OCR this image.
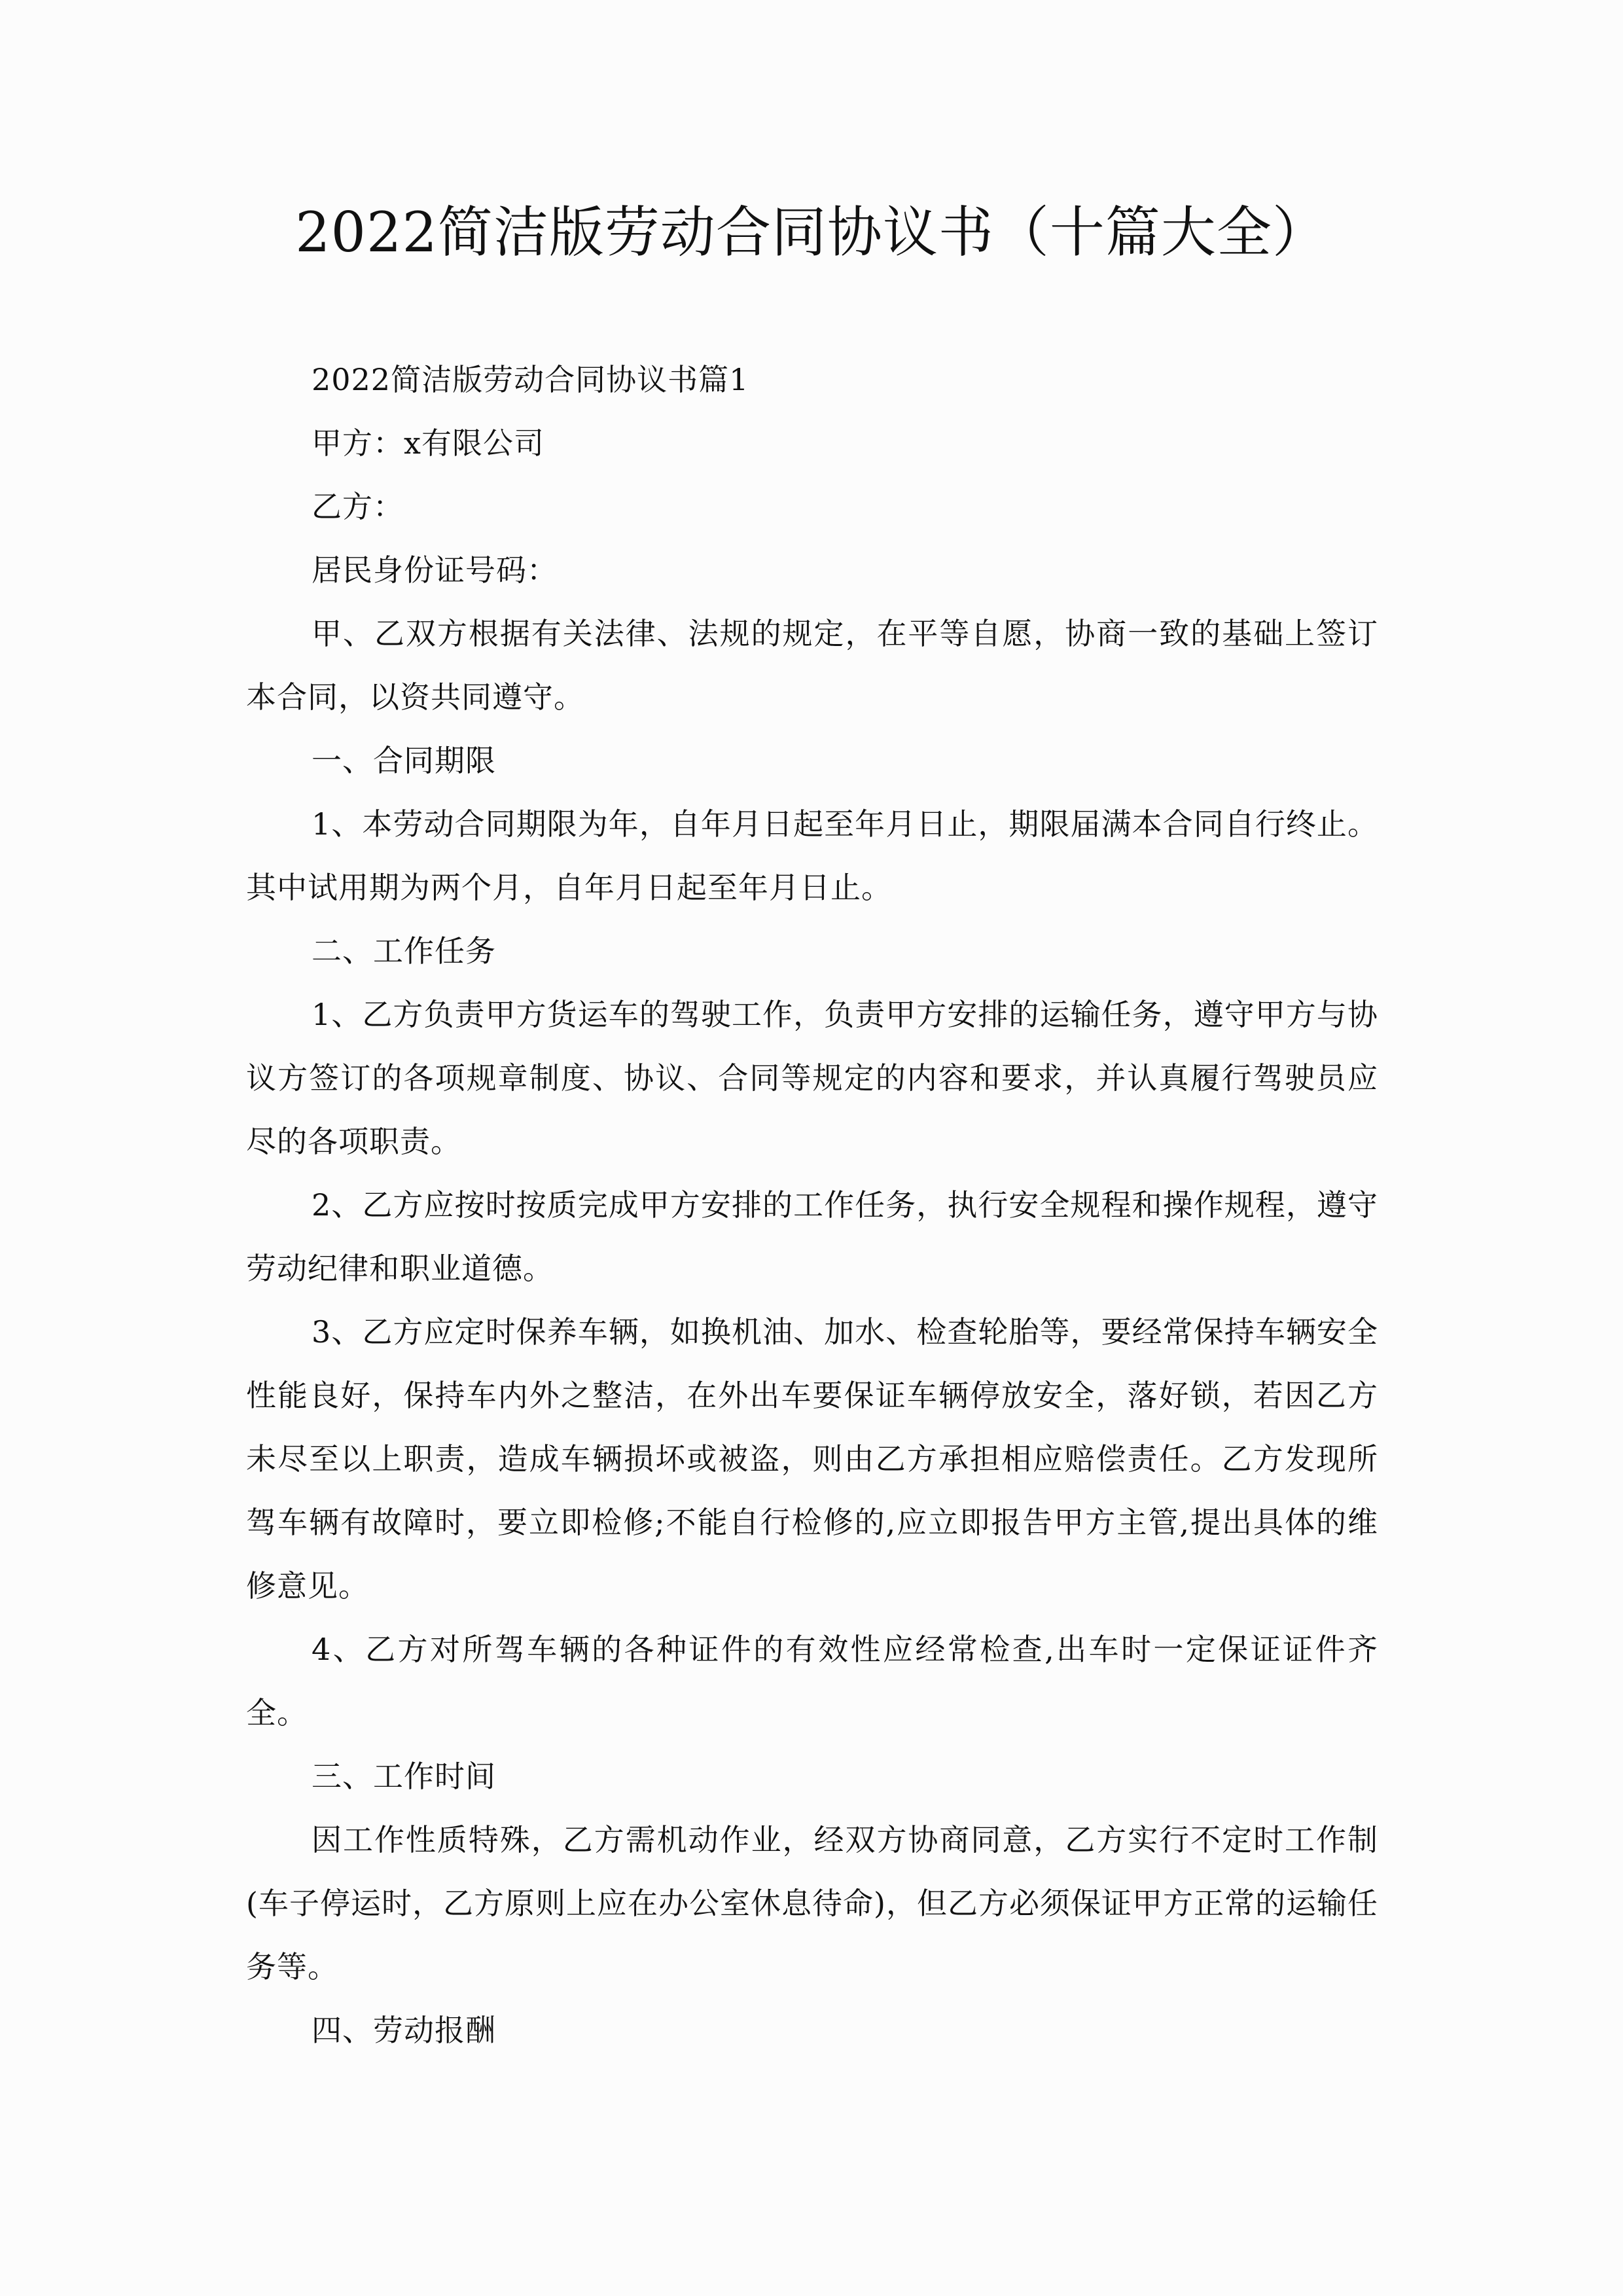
2022简洁版劳动合同协议书（十篇大全）

2022简洁版劳动合同协议书篇1

甲方：x有限公司

乙方：

居民身份证号码：

甲、乙双方根据有关法律、法规的规定，在平等自愿，协商一致的基础上签订本合同，以资共同遵守。

一、合同期限

1、本劳动合同期限为年，自年月日起至年月日止，期限届满本合同自行终止。其中试用期为两个月，自年月日起至年月日止。

二、工作任务

1、乙方负责甲方货运车的驾驶工作，负责甲方安排的运输任务，遵守甲方与协议方签订的各项规章制度、协议、合同等规定的内容和要求，并认真履行驾驶员应尽的各项职责。

2、乙方应按时按质完成甲方安排的工作任务，执行安全规程和操作规程，遵守劳动纪律和职业道德。

3、乙方应定时保养车辆，如换机油、加水、检查轮胎等，要经常保持车辆安全性能良好，保持车内外之整洁，在外出车要保证车辆停放安全，落好锁，若因乙方未尽至以上职责，造成车辆损坏或被盗，则由乙方承担相应赔偿责任。乙方发现所驾车辆有故障时，要立即检修;不能自行检修的,应立即报告甲方主管,提出具体的维修意见。

4、乙方对所驾车辆的各种证件的有效性应经常检查,出车时一定保证证件齐全。

三、工作时间

因工作性质特殊，乙方需机动作业，经双方协商同意，乙方实行不定时工作制(车子停运时，乙方原则上应在办公室休息待命)，但乙方必须保证甲方正常的运输任务等。

四、劳动报酬
